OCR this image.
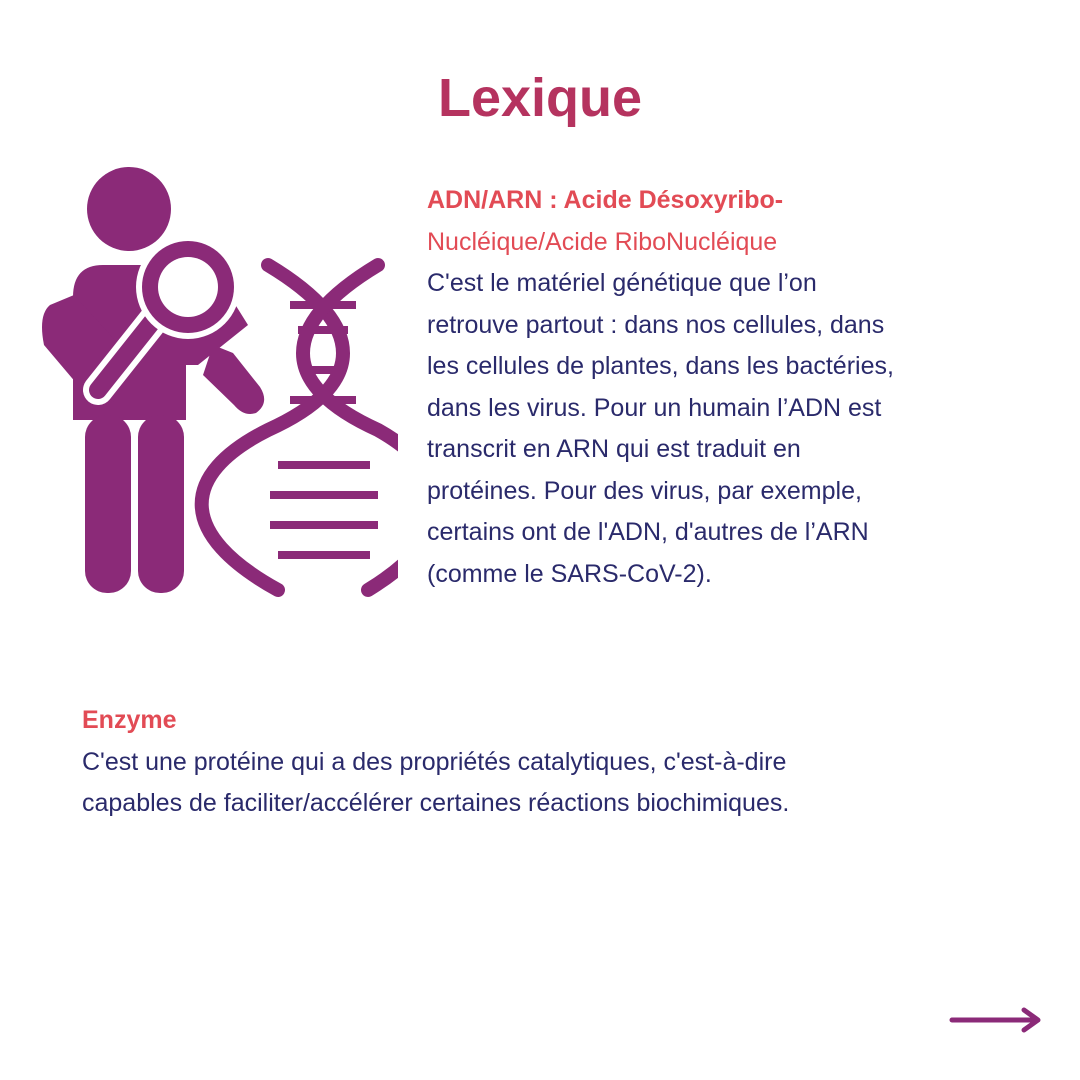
Lexique
ADN/ARN : Acide Désoxyribo-
Nucléique/Acide RiboNucléique
C'est le matériel génétique que l’on
retrouve partout : dans nos cellules, dans
les cellules de plantes, dans les bactéries,
dans les virus. Pour un humain l’ADN est
transcrit en ARN qui est traduit en
protéines. Pour des virus, par exemple,
certains ont de l'ADN, d'autres de l’ARN
(comme le SARS-CoV-2).
Enzyme
C'est une protéine qui a des propriétés catalytiques, c'est-à-dire
capables de faciliter/accélérer certaines réactions biochimiques.
